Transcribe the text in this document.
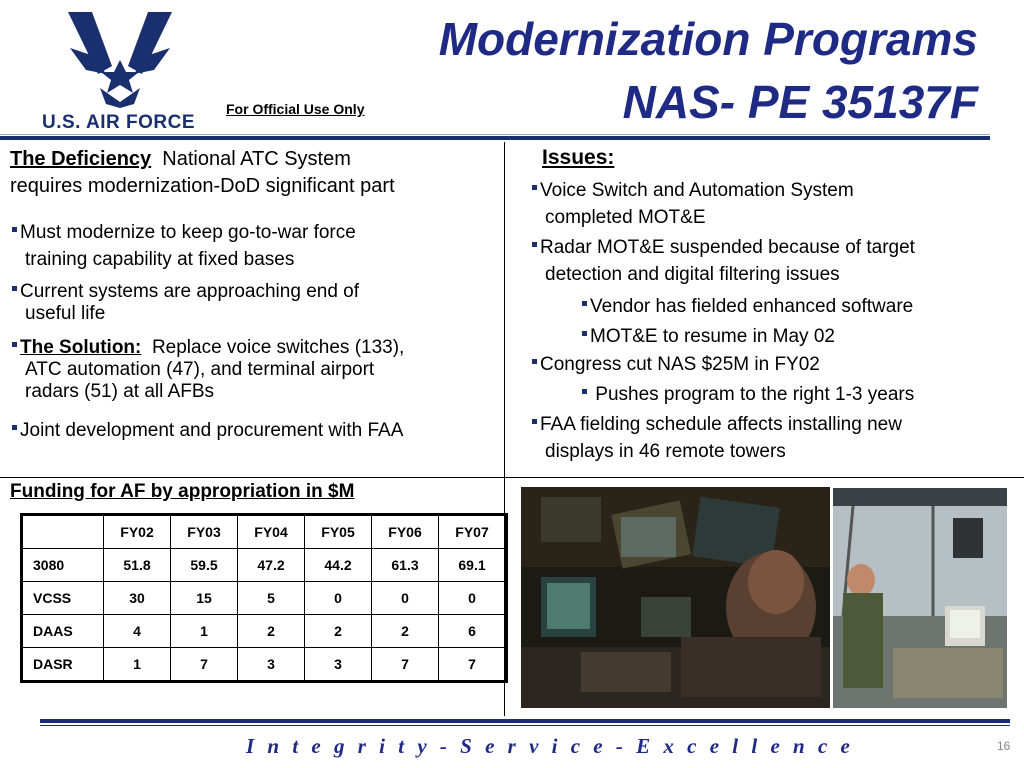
U.S. AIR FORCE
For Official Use Only
Modernization Programs
NAS- PE 35137F
The Deficiency National ATC System
requires modernization-DoD significant part
Must modernize to keep go-to-war force
training capability at fixed bases
Current systems are approaching end of
useful life
The Solution: Replace voice switches (133),
ATC automation (47), and terminal airport
radars (51) at all AFBs
Joint development and procurement with FAA
Issues:
Voice Switch and Automation System
completed MOT&E
Radar MOT&E suspended because of target
detection and digital filtering issues
Vendor has fielded enhanced software
MOT&E to resume in May 02
Congress cut NAS $25M in FY02
Pushes program to the right 1-3 years
FAA fielding schedule affects installing new
displays in 46 remote towers
Funding for AF by appropriation in $M
	FY02	FY03	FY04	FY05	FY06	FY07
3080	51.8	59.5	47.2	44.2	61.3	69.1
VCSS	30	15	5	0	0	0
DAAS	4	1	2	2	2	6
DASR	1	7	3	3	7	7
I n t e g r i t y - S e r v i c e - E x c e l l e n c e	16
